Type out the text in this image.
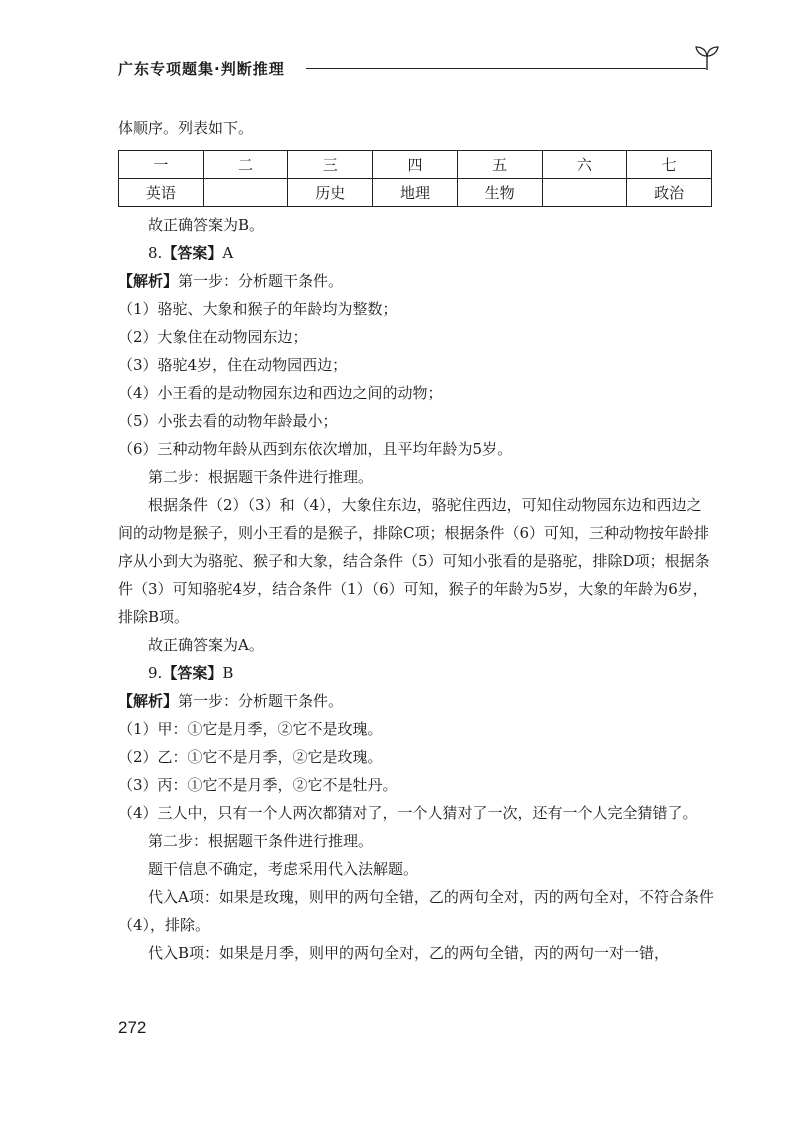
广东专项题集·判断推理

体顺序。列表如下。

一	二	三	四	五	六	七
英语		历史	地理	生物		政治

故正确答案为B。

8.【答案】A

【解析】第一步：分析题干条件。

（1）骆驼、大象和猴子的年龄均为整数；

（2）大象住在动物园东边；

（3）骆驼4岁，住在动物园西边；

（4）小王看的是动物园东边和西边之间的动物；

（5）小张去看的动物年龄最小；

（6）三种动物年龄从西到东依次增加，且平均年龄为5岁。

第二步：根据题干条件进行推理。

根据条件（2）（3）和（4），大象住东边，骆驼住西边，可知住动物园东边和西边之间的动物是猴子，则小王看的是猴子，排除C项；根据条件（6）可知，三种动物按年龄排序从小到大为骆驼、猴子和大象，结合条件（5）可知小张看的是骆驼，排除D项；根据条件（3）可知骆驼4岁，结合条件（1）（6）可知，猴子的年龄为5岁，大象的年龄为6岁，排除B项。

故正确答案为A。

9.【答案】B

【解析】第一步：分析题干条件。

（1）甲：①它是月季，②它不是玫瑰。

（2）乙：①它不是月季，②它是玫瑰。

（3）丙：①它不是月季，②它不是牡丹。

（4）三人中，只有一个人两次都猜对了，一个人猜对了一次，还有一个人完全猜错了。

第二步：根据题干条件进行推理。

题干信息不确定，考虑采用代入法解题。

代入A项：如果是玫瑰，则甲的两句全错，乙的两句全对，丙的两句全对，不符合条件（4），排除。

代入B项：如果是月季，则甲的两句全对，乙的两句全错，丙的两句一对一错，

272
